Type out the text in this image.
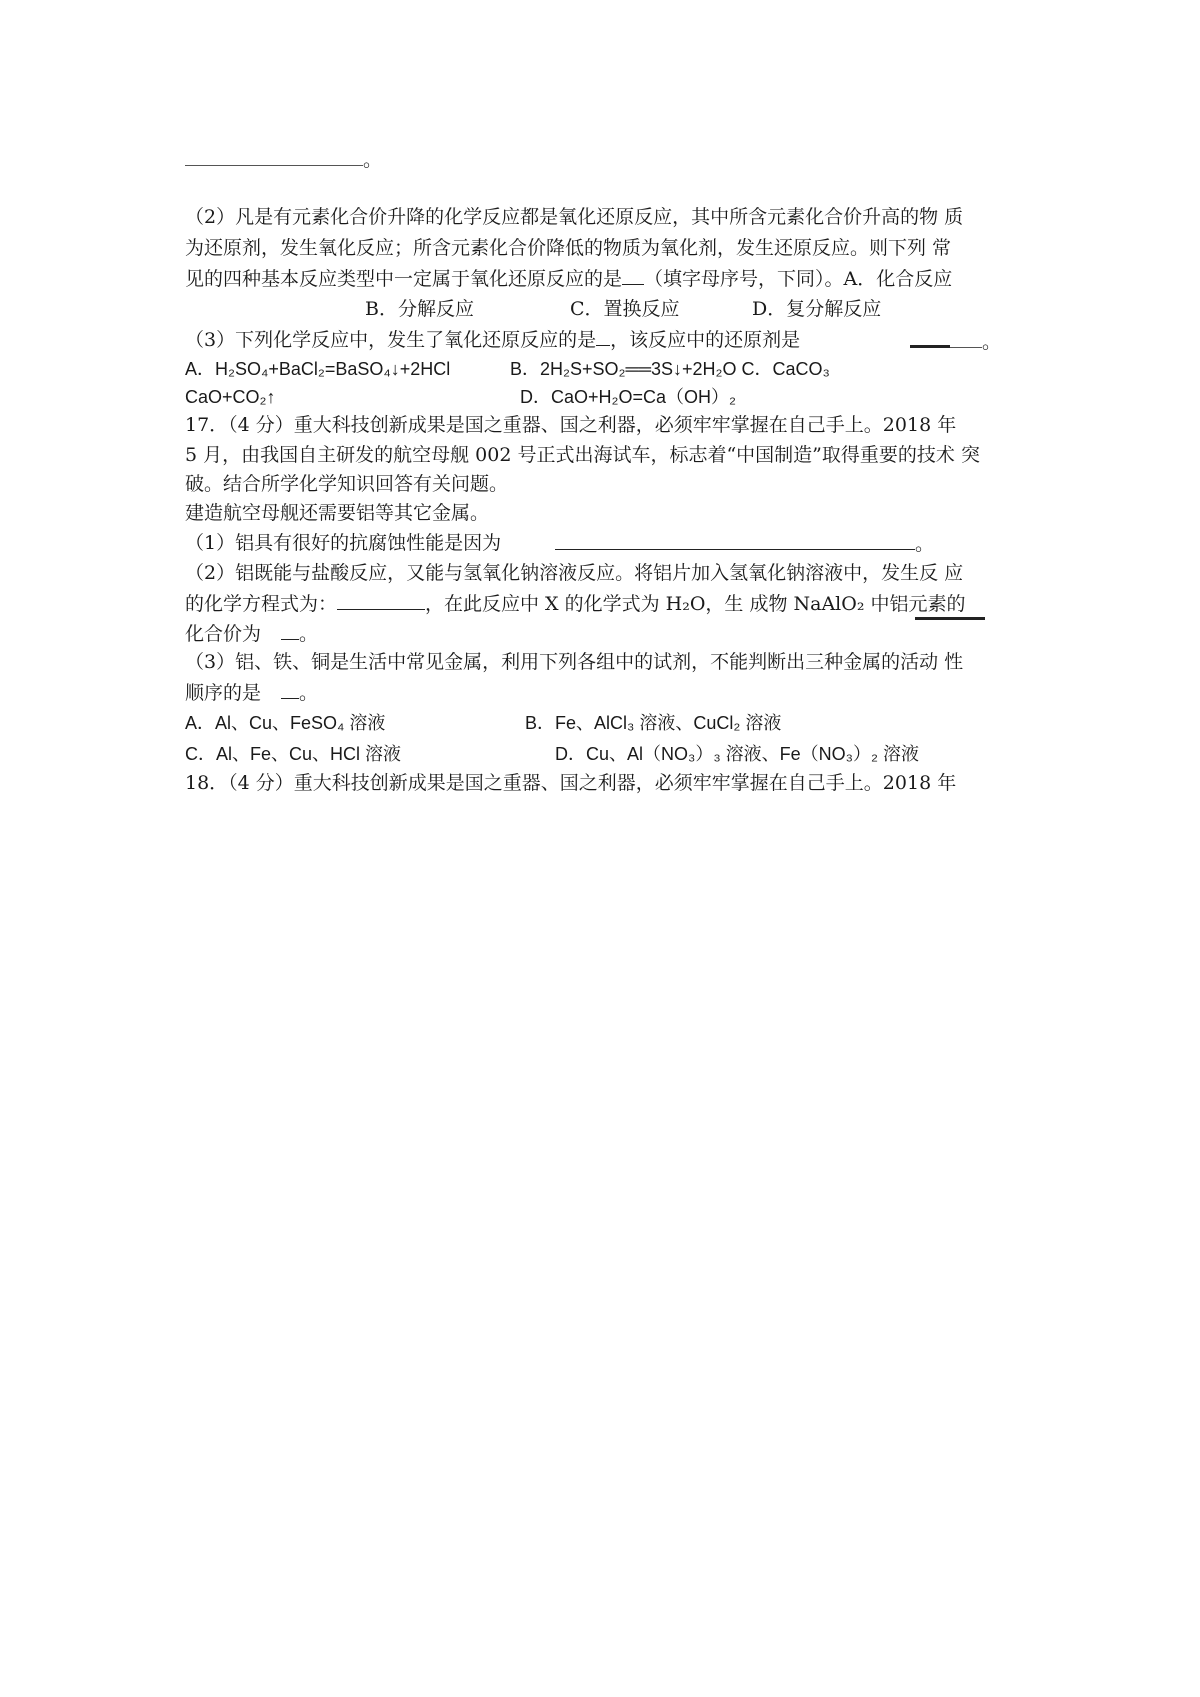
。
（2）凡是有元素化合价升降的化学反应都是氧化还原反应，其中所含元素化合价升高的物 质
为还原剂，发生氧化反应；所含元素化合价降低的物质为氧化剂，发生还原反应。则下列 常
见的四种基本反应类型中一定属于氧化还原反应的是 （填字母序号，下同）。A．化合反应
B．分解反应	C．置换反应	D．复分解反应
（3）下列化学反应中，发生了氧化还原反应的是 ，该反应中的还原剂是	。
A．H₂SO₄+BaCl₂=BaSO₄↓+2HCl	B．2H₂S+SO₂══3S↓+2H₂O C．CaCO₃
CaO+CO₂↑	D．CaO+H₂O=Ca（OH）₂
17．（4 分）重大科技创新成果是国之重器、国之利器，必须牢牢掌握在自己手上。2018 年
5 月，由我国自主研发的航空母舰 002 号正式出海试车，标志着“中国制造”取得重要的技术 突
破。结合所学化学知识回答有关问题。
建造航空母舰还需要铝等其它金属。
（1）铝具有很好的抗腐蚀性能是因为	。
（2）铝既能与盐酸反应，又能与氢氧化钠溶液反应。将铝片加入氢氧化钠溶液中，发生反 应
的化学方程式为：	，在此反应中 X 的化学式为 H₂O，生 成物 NaAlO₂ 中铝元素的
化合价为 。
（3）铝、铁、铜是生活中常见金属，利用下列各组中的试剂，不能判断出三种金属的活动 性
顺序的是 。
A．Al、Cu、FeSO₄ 溶液	B．Fe、AlCl₃ 溶液、CuCl₂ 溶液
C．Al、Fe、Cu、HCl 溶液	D．Cu、Al（NO₃）₃ 溶液、Fe（NO₃）₂ 溶液
18．（4 分）重大科技创新成果是国之重器、国之利器，必须牢牢掌握在自己手上。2018 年
